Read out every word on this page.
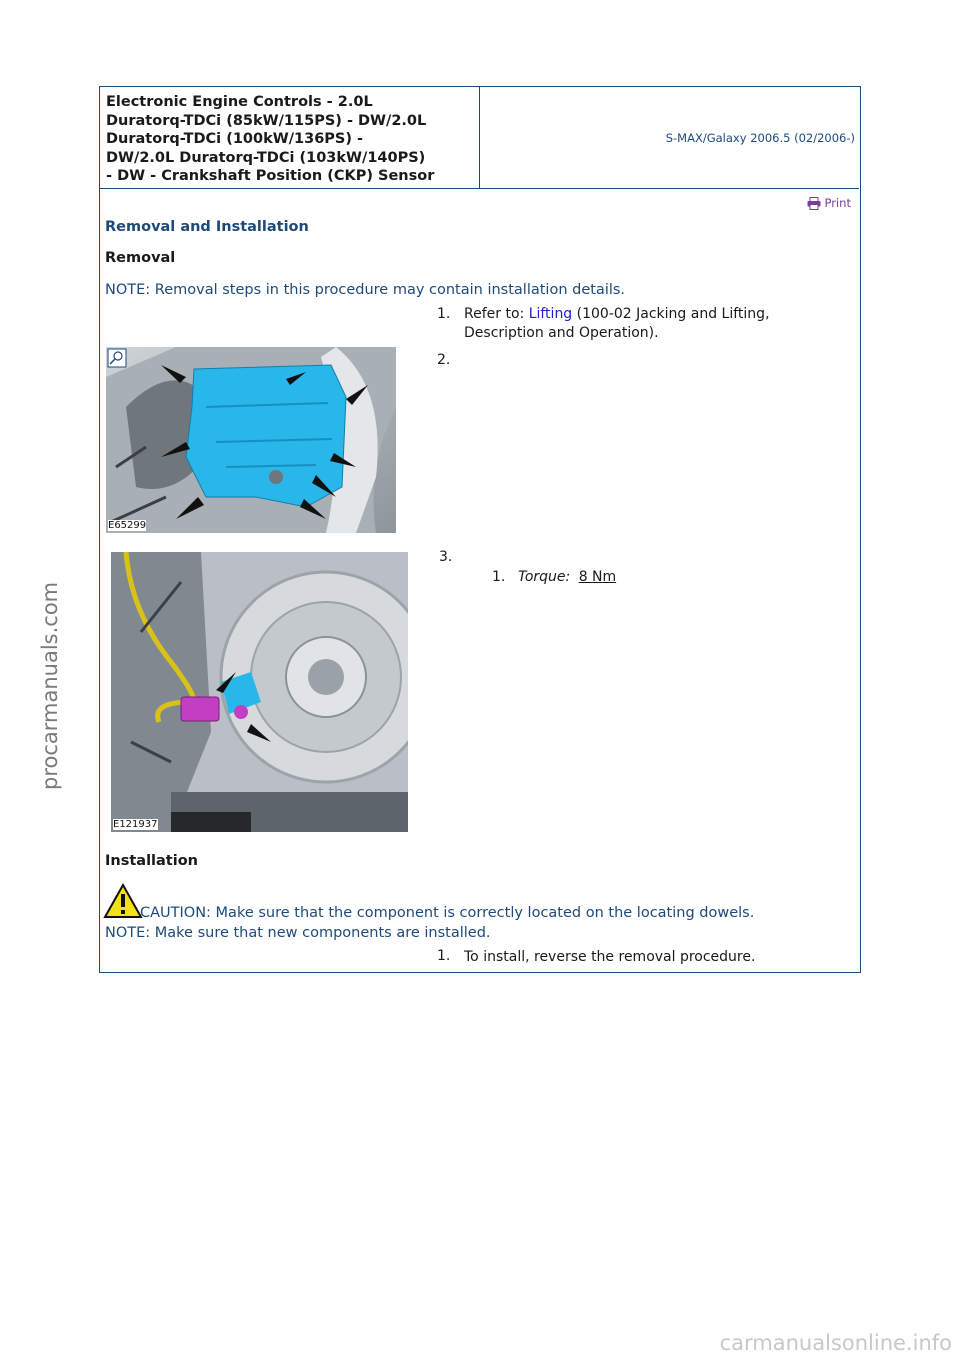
Electronic Engine Controls - 2.0L
Duratorq-TDCi (85kW/115PS) - DW/2.0L
Duratorq-TDCi (100kW/136PS) -
DW/2.0L Duratorq-TDCi (103kW/140PS)
- DW - Crankshaft Position (CKP) Sensor
S-MAX/Galaxy 2006.5 (02/2006-)
Print
Removal and Installation
Removal
NOTE: Removal steps in this procedure may contain installation details.
1. Refer to: Lifting (100-02 Jacking and Lifting,
Description and Operation).
E65299
2.
E121937
3.
1. Torque: 8 Nm
Installation
CAUTION: Make sure that the component is correctly located on the locating dowels.
NOTE: Make sure that new components are installed.
1. To install, reverse the removal procedure.
procarmanuals.com
carmanualsonline.info
